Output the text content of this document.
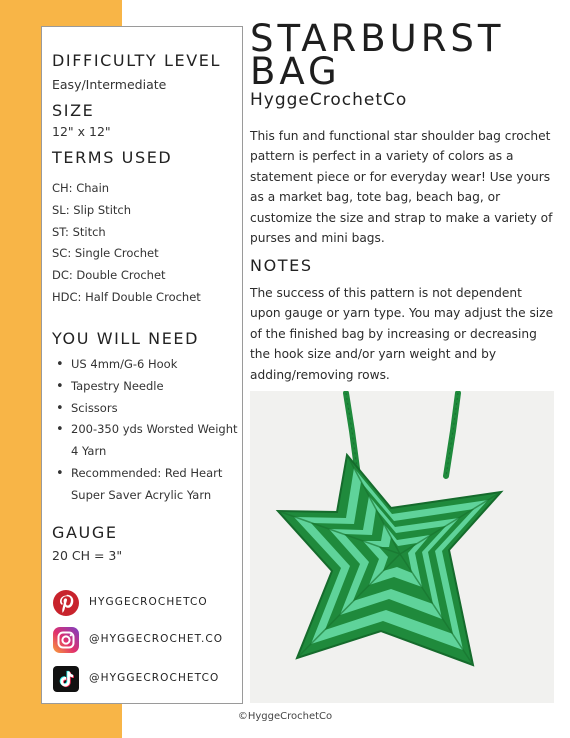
DIFFICULTY LEVEL
Easy/Intermediate
SIZE
12" x 12"
TERMS USED
CH: Chain
SL: Slip Stitch
ST: Stitch
SC: Single Crochet
DC: Double Crochet
HDC: Half Double Crochet
YOU WILL NEED
• US 4mm/G-6 Hook
• Tapestry Needle
• Scissors
• 200-350 yds Worsted Weight 4 Yarn
• Recommended: Red Heart Super Saver Acrylic Yarn
GAUGE
20 CH = 3"
HYGGECROCHETCO
@HYGGECROCHET.CO
@HYGGECROCHETCO
STARBURST
BAG
HyggeCrochetCo

This fun and functional star shoulder bag crochet pattern is perfect in a variety of colors as a statement piece or for everyday wear! Use yours as a market bag, tote bag, beach bag, or customize the size and strap to make a variety of purses and mini bags.

NOTES

The success of this pattern is not dependent upon gauge or yarn type. You may adjust the size of the finished bag by increasing or decreasing the hook size and/or yarn weight and by adding/removing rows.

©HyggeCrochetCo
